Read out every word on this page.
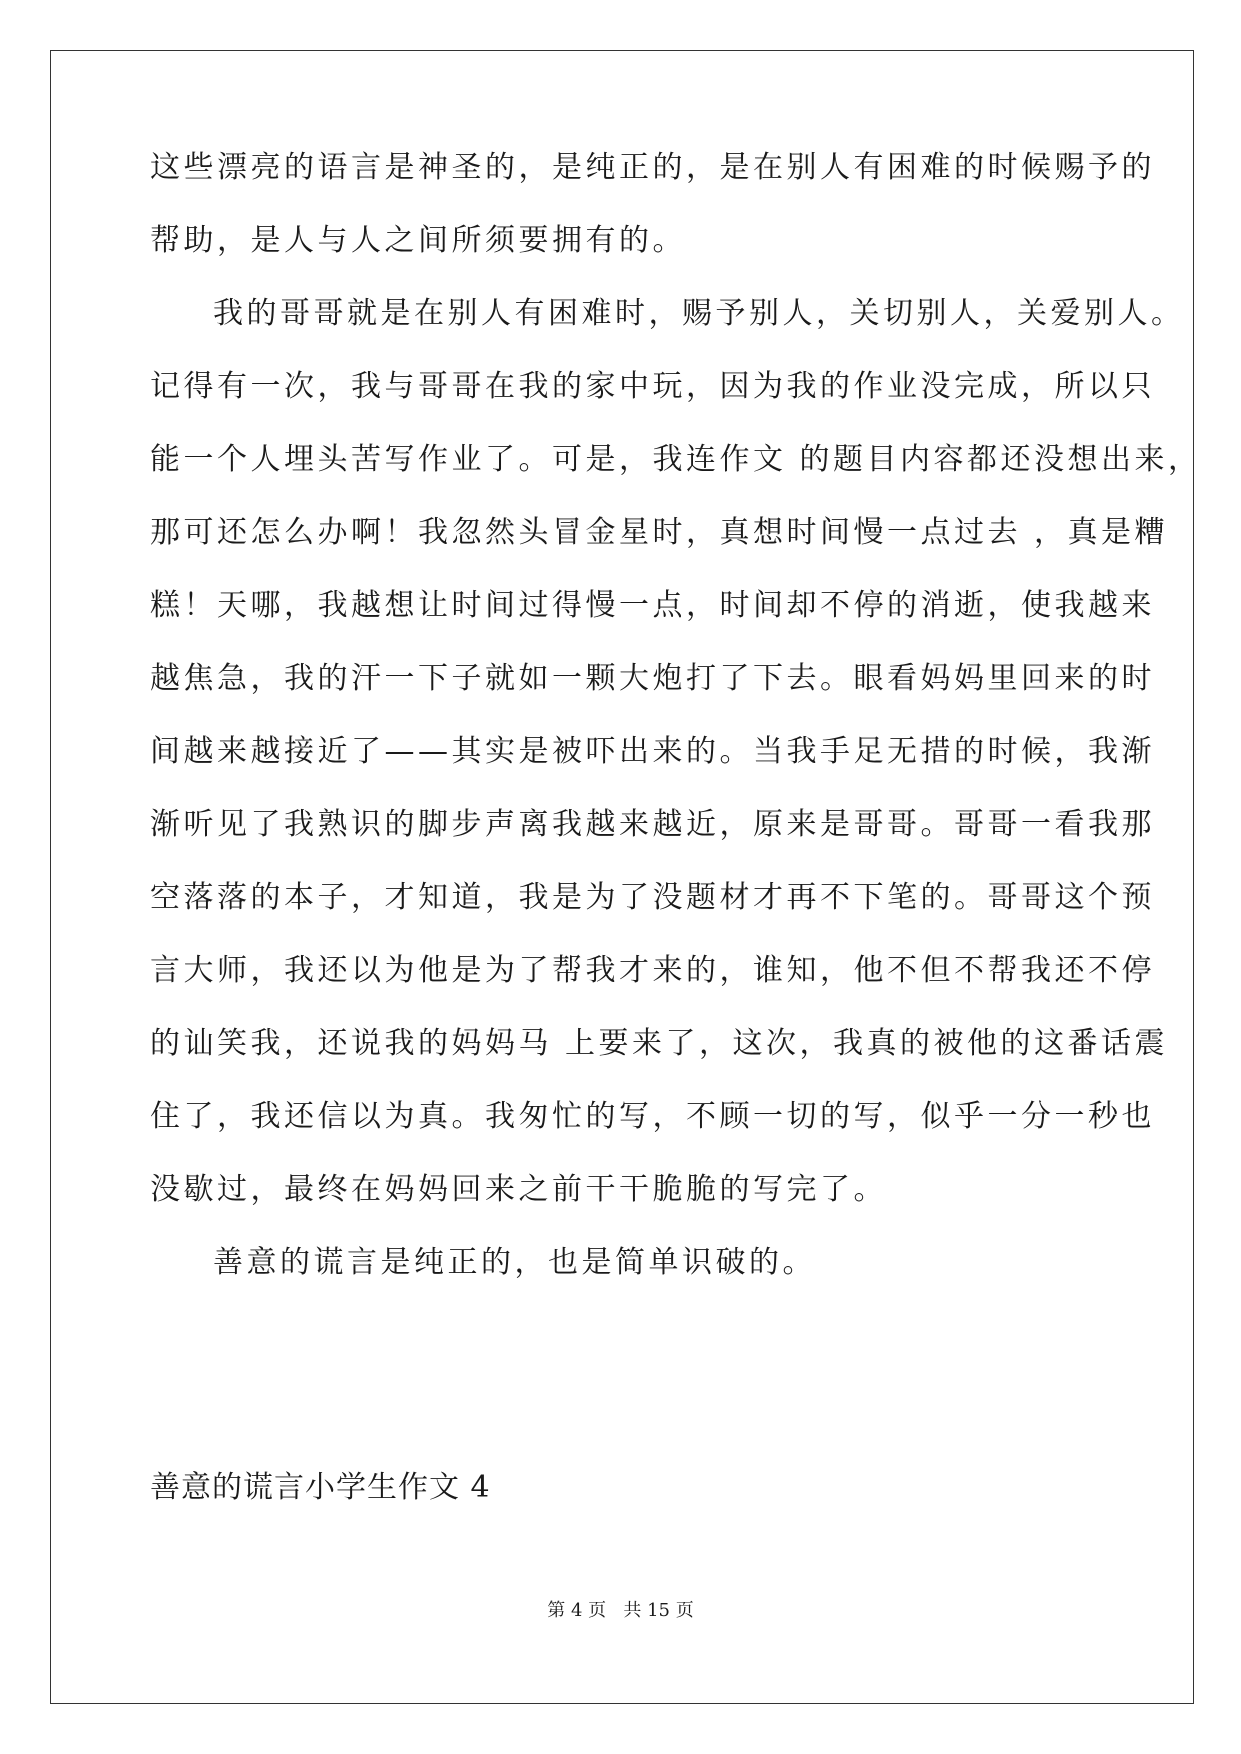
这些漂亮的语言是神圣的，是纯正的，是在别人有困难的时候赐予的
帮助，是人与人之间所须要拥有的。
我的哥哥就是在别人有困难时，赐予别人，关切别人，关爱别人。
记得有一次，我与哥哥在我的家中玩，因为我的作业没完成，所以只
能一个人埋头苦写作业了。可是，我连作文 的题目内容都还没想出来，
那可还怎么办啊！我忽然头冒金星时，真想时间慢一点过去 ，真是糟
糕！天哪，我越想让时间过得慢一点，时间却不停的消逝，使我越来
越焦急，我的汗一下子就如一颗大炮打了下去。眼看妈妈里回来的时
间越来越接近了——其实是被吓出来的。当我手足无措的时候，我渐
渐听见了我熟识的脚步声离我越来越近，原来是哥哥。哥哥一看我那
空落落的本子，才知道，我是为了没题材才再不下笔的。哥哥这个预
言大师，我还以为他是为了帮我才来的，谁知，他不但不帮我还不停
的讪笑我，还说我的妈妈马 上要来了，这次，我真的被他的这番话震
住了，我还信以为真。我匆忙的写，不顾一切的写，似乎一分一秒也
没歇过，最终在妈妈回来之前干干脆脆的写完了。
善意的谎言是纯正的，也是简单识破的。
善意的谎言小学生作文 4
第 4 页   共 15 页
